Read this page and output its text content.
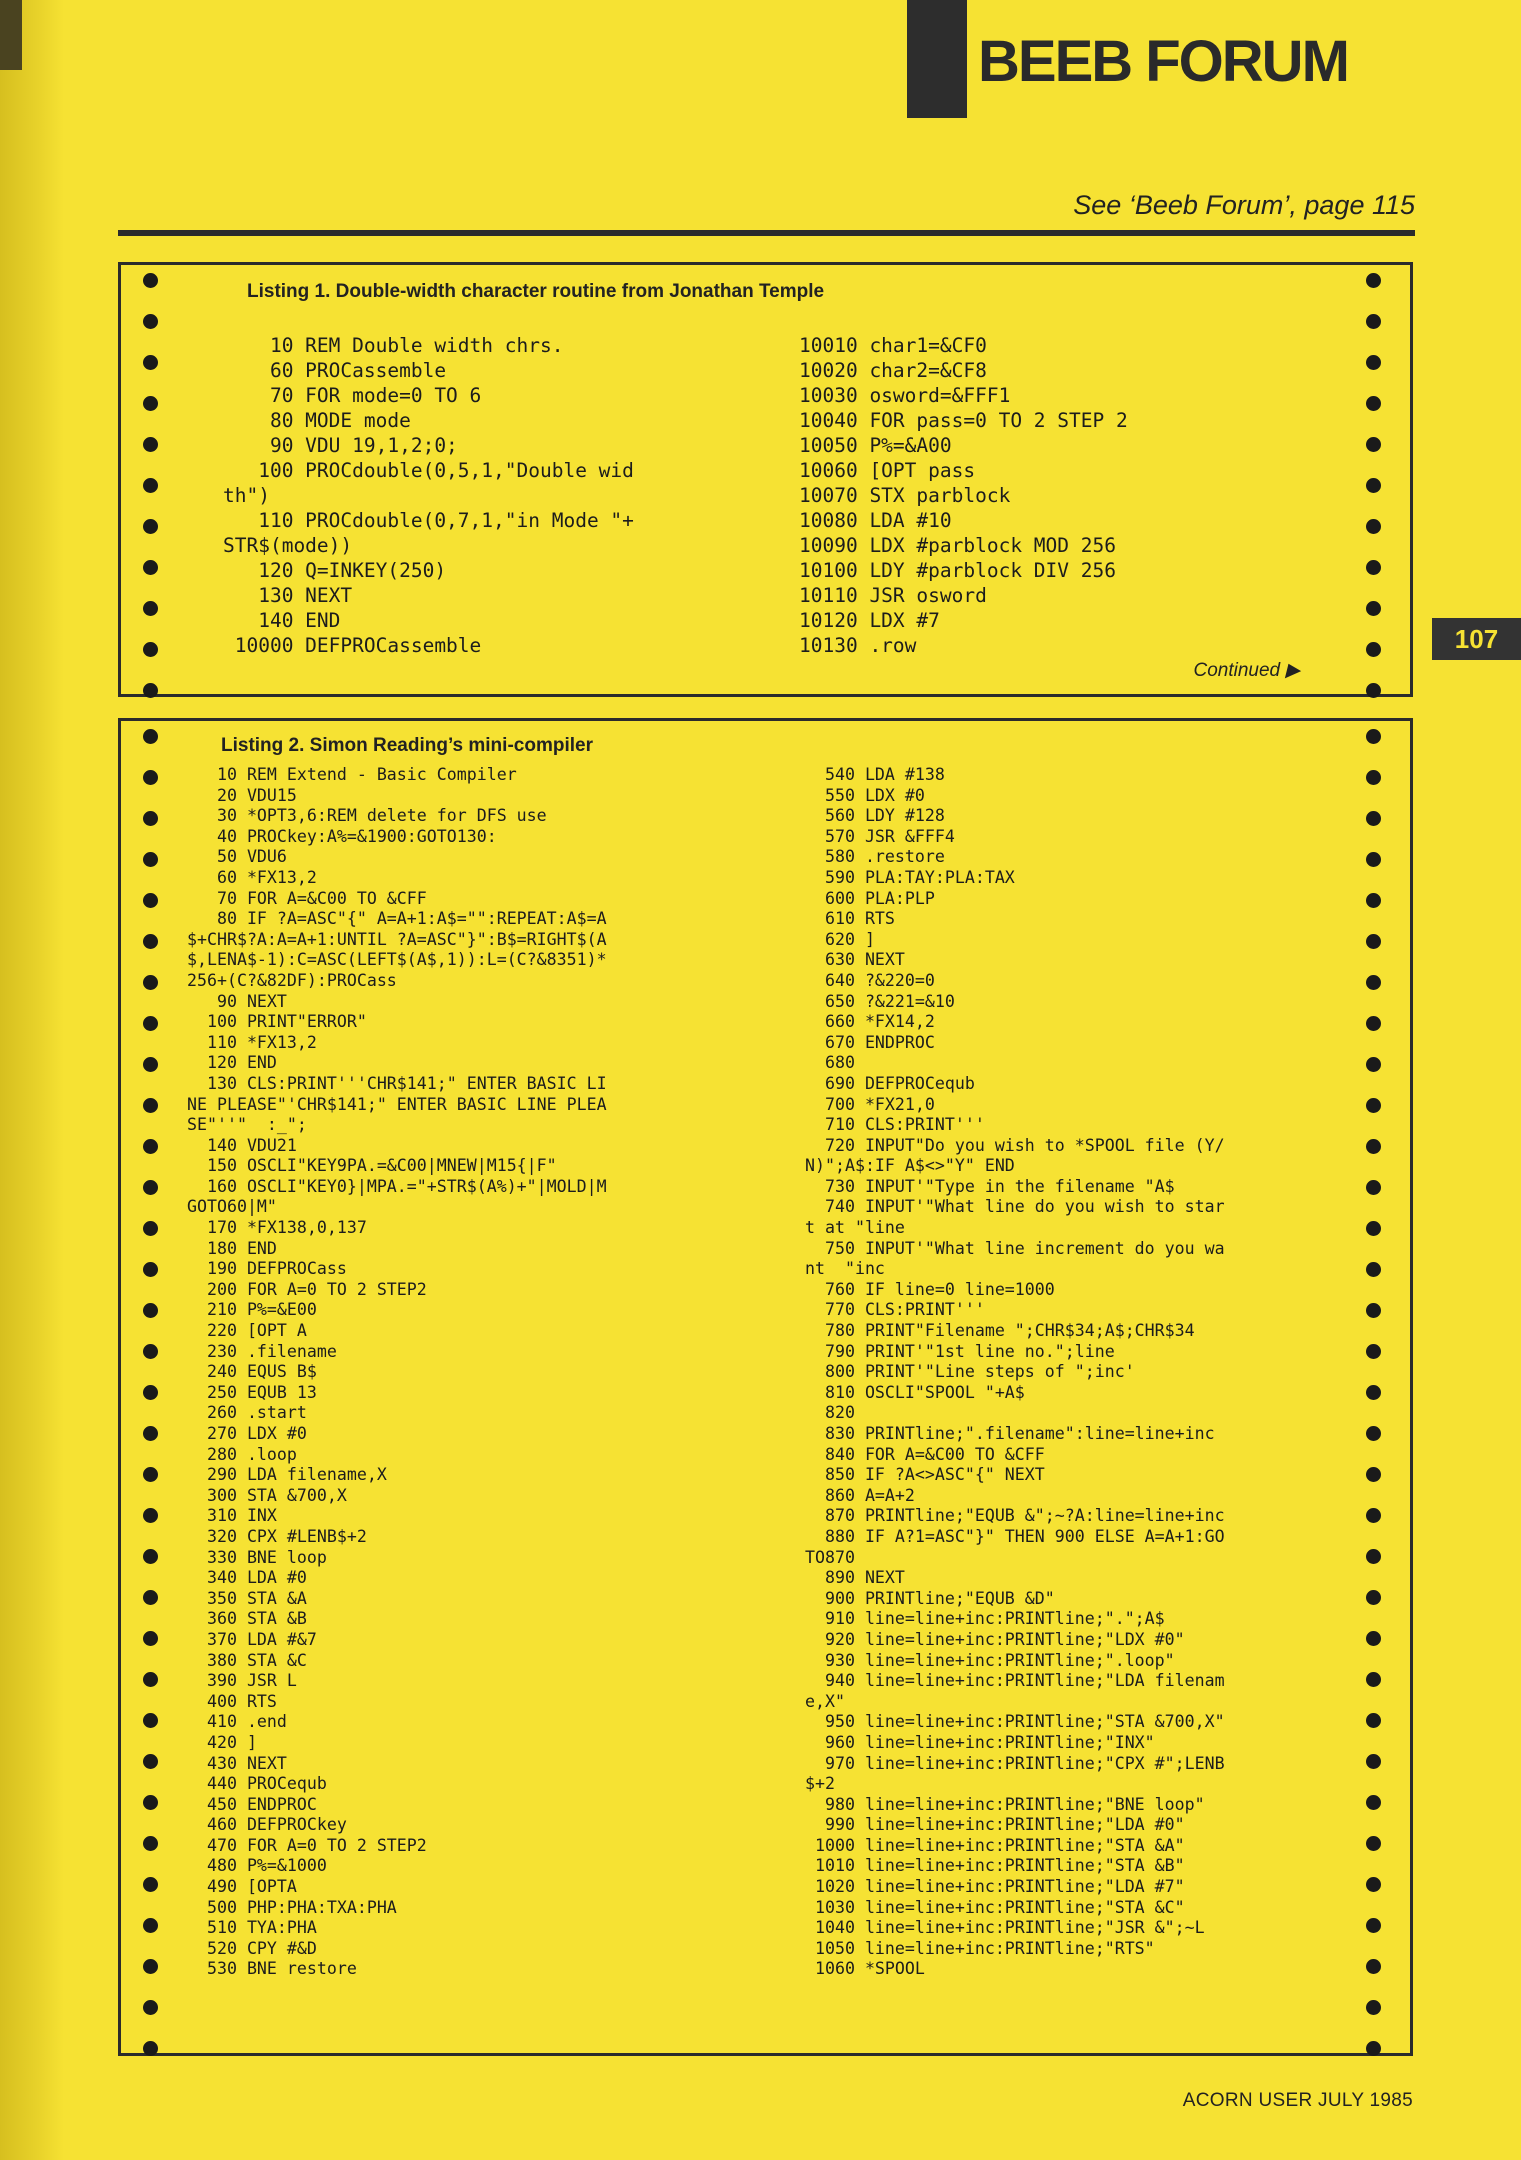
BEEB FORUM
See ‘Beeb Forum’, page 115
107
Listing 1. Double-width character routine from Jonathan Temple
10 REM Double width chrs.
60 PROCassemble
70 FOR mode=0 TO 6
80 MODE mode
90 VDU 19,1,2;0;
100 PROCdouble(0,5,1,"Double wid
th")
110 PROCdouble(0,7,1,"in Mode "+
STR$(mode))
120 Q=INKEY(250)
130 NEXT
140 END
10000 DEFPROCassemble
10010 char1=&CF0
10020 char2=&CF8
10030 osword=&FFF1
10040 FOR pass=0 TO 2 STEP 2
10050 P%=&A00
10060 [OPT pass
10070 STX parblock
10080 LDA #10
10090 LDX #parblock MOD 256
10100 LDY #parblock DIV 256
10110 JSR osword
10120 LDX #7
10130 .row
Continued ▶
Listing 2. Simon Reading’s mini-compiler
10 REM Extend - Basic Compiler
20 VDU15
30 *OPT3,6:REM delete for DFS use
40 PROCkey:A%=&1900:GOTO130:
50 VDU6
60 *FX13,2
70 FOR A=&C00 TO &CFF
80 IF ?A=ASC"{" A=A+1:A$="":REPEAT:A$=A
$+CHR$?A:A=A+1:UNTIL ?A=ASC"}":B$=RIGHT$(A
$,LENA$-1):C=ASC(LEFT$(A$,1)):L=(C?&8351)*
256+(C?&82DF):PROCass
90 NEXT
100 PRINT"ERROR"
110 *FX13,2
120 END
130 CLS:PRINT'''CHR$141;" ENTER BASIC LI
NE PLEASE"'CHR$141;" ENTER BASIC LINE PLEA
SE"''"  :_";
140 VDU21
150 OSCLI"KEY9PA.=&C00|MNEW|M15{|F"
160 OSCLI"KEY0}|MPA.="+STR$(A%)+"|MOLD|M
GOTO60|M"
170 *FX138,0,137
180 END
190 DEFPROCass
200 FOR A=0 TO 2 STEP2
210 P%=&E00
220 [OPT A
230 .filename
240 EQUS B$
250 EQUB 13
260 .start
270 LDX #0
280 .loop
290 LDA filename,X
300 STA &700,X
310 INX
320 CPX #LENB$+2
330 BNE loop
340 LDA #0
350 STA &A
360 STA &B
370 LDA #&7
380 STA &C
390 JSR L
400 RTS
410 .end
420 ]
430 NEXT
440 PROCequb
450 ENDPROC
460 DEFPROCkey
470 FOR A=0 TO 2 STEP2
480 P%=&1000
490 [OPTA
500 PHP:PHA:TXA:PHA
510 TYA:PHA
520 CPY #&D
530 BNE restore
540 LDA #138
550 LDX #0
560 LDY #128
570 JSR &FFF4
580 .restore
590 PLA:TAY:PLA:TAX
600 PLA:PLP
610 RTS
620 ]
630 NEXT
640 ?&220=0
650 ?&221=&10
660 *FX14,2
670 ENDPROC
680
690 DEFPROCequb
700 *FX21,0
710 CLS:PRINT'''
720 INPUT"Do you wish to *SPOOL file (Y/
N)";A$:IF A$<>"Y" END
730 INPUT'"Type in the filename "A$
740 INPUT'"What line do you wish to star
t at "line
750 INPUT'"What line increment do you wa
nt  "inc
760 IF line=0 line=1000
770 CLS:PRINT'''
780 PRINT"Filename ";CHR$34;A$;CHR$34
790 PRINT'"1st line no.";line
800 PRINT'"Line steps of ";inc'
810 OSCLI"SPOOL "+A$
820
830 PRINTline;".filename":line=line+inc
840 FOR A=&C00 TO &CFF
850 IF ?A<>ASC"{" NEXT
860 A=A+2
870 PRINTline;"EQUB &";~?A:line=line+inc
880 IF A?1=ASC"}" THEN 900 ELSE A=A+1:GO
TO870
890 NEXT
900 PRINTline;"EQUB &D"
910 line=line+inc:PRINTline;".";A$
920 line=line+inc:PRINTline;"LDX #0"
930 line=line+inc:PRINTline;".loop"
940 line=line+inc:PRINTline;"LDA filenam
e,X"
950 line=line+inc:PRINTline;"STA &700,X"
960 line=line+inc:PRINTline;"INX"
970 line=line+inc:PRINTline;"CPX #";LENB
$+2
980 line=line+inc:PRINTline;"BNE loop"
990 line=line+inc:PRINTline;"LDA #0"
1000 line=line+inc:PRINTline;"STA &A"
1010 line=line+inc:PRINTline;"STA &B"
1020 line=line+inc:PRINTline;"LDA #7"
1030 line=line+inc:PRINTline;"STA &C"
1040 line=line+inc:PRINTline;"JSR &";~L
1050 line=line+inc:PRINTline;"RTS"
1060 *SPOOL
ACORN USER JULY 1985
